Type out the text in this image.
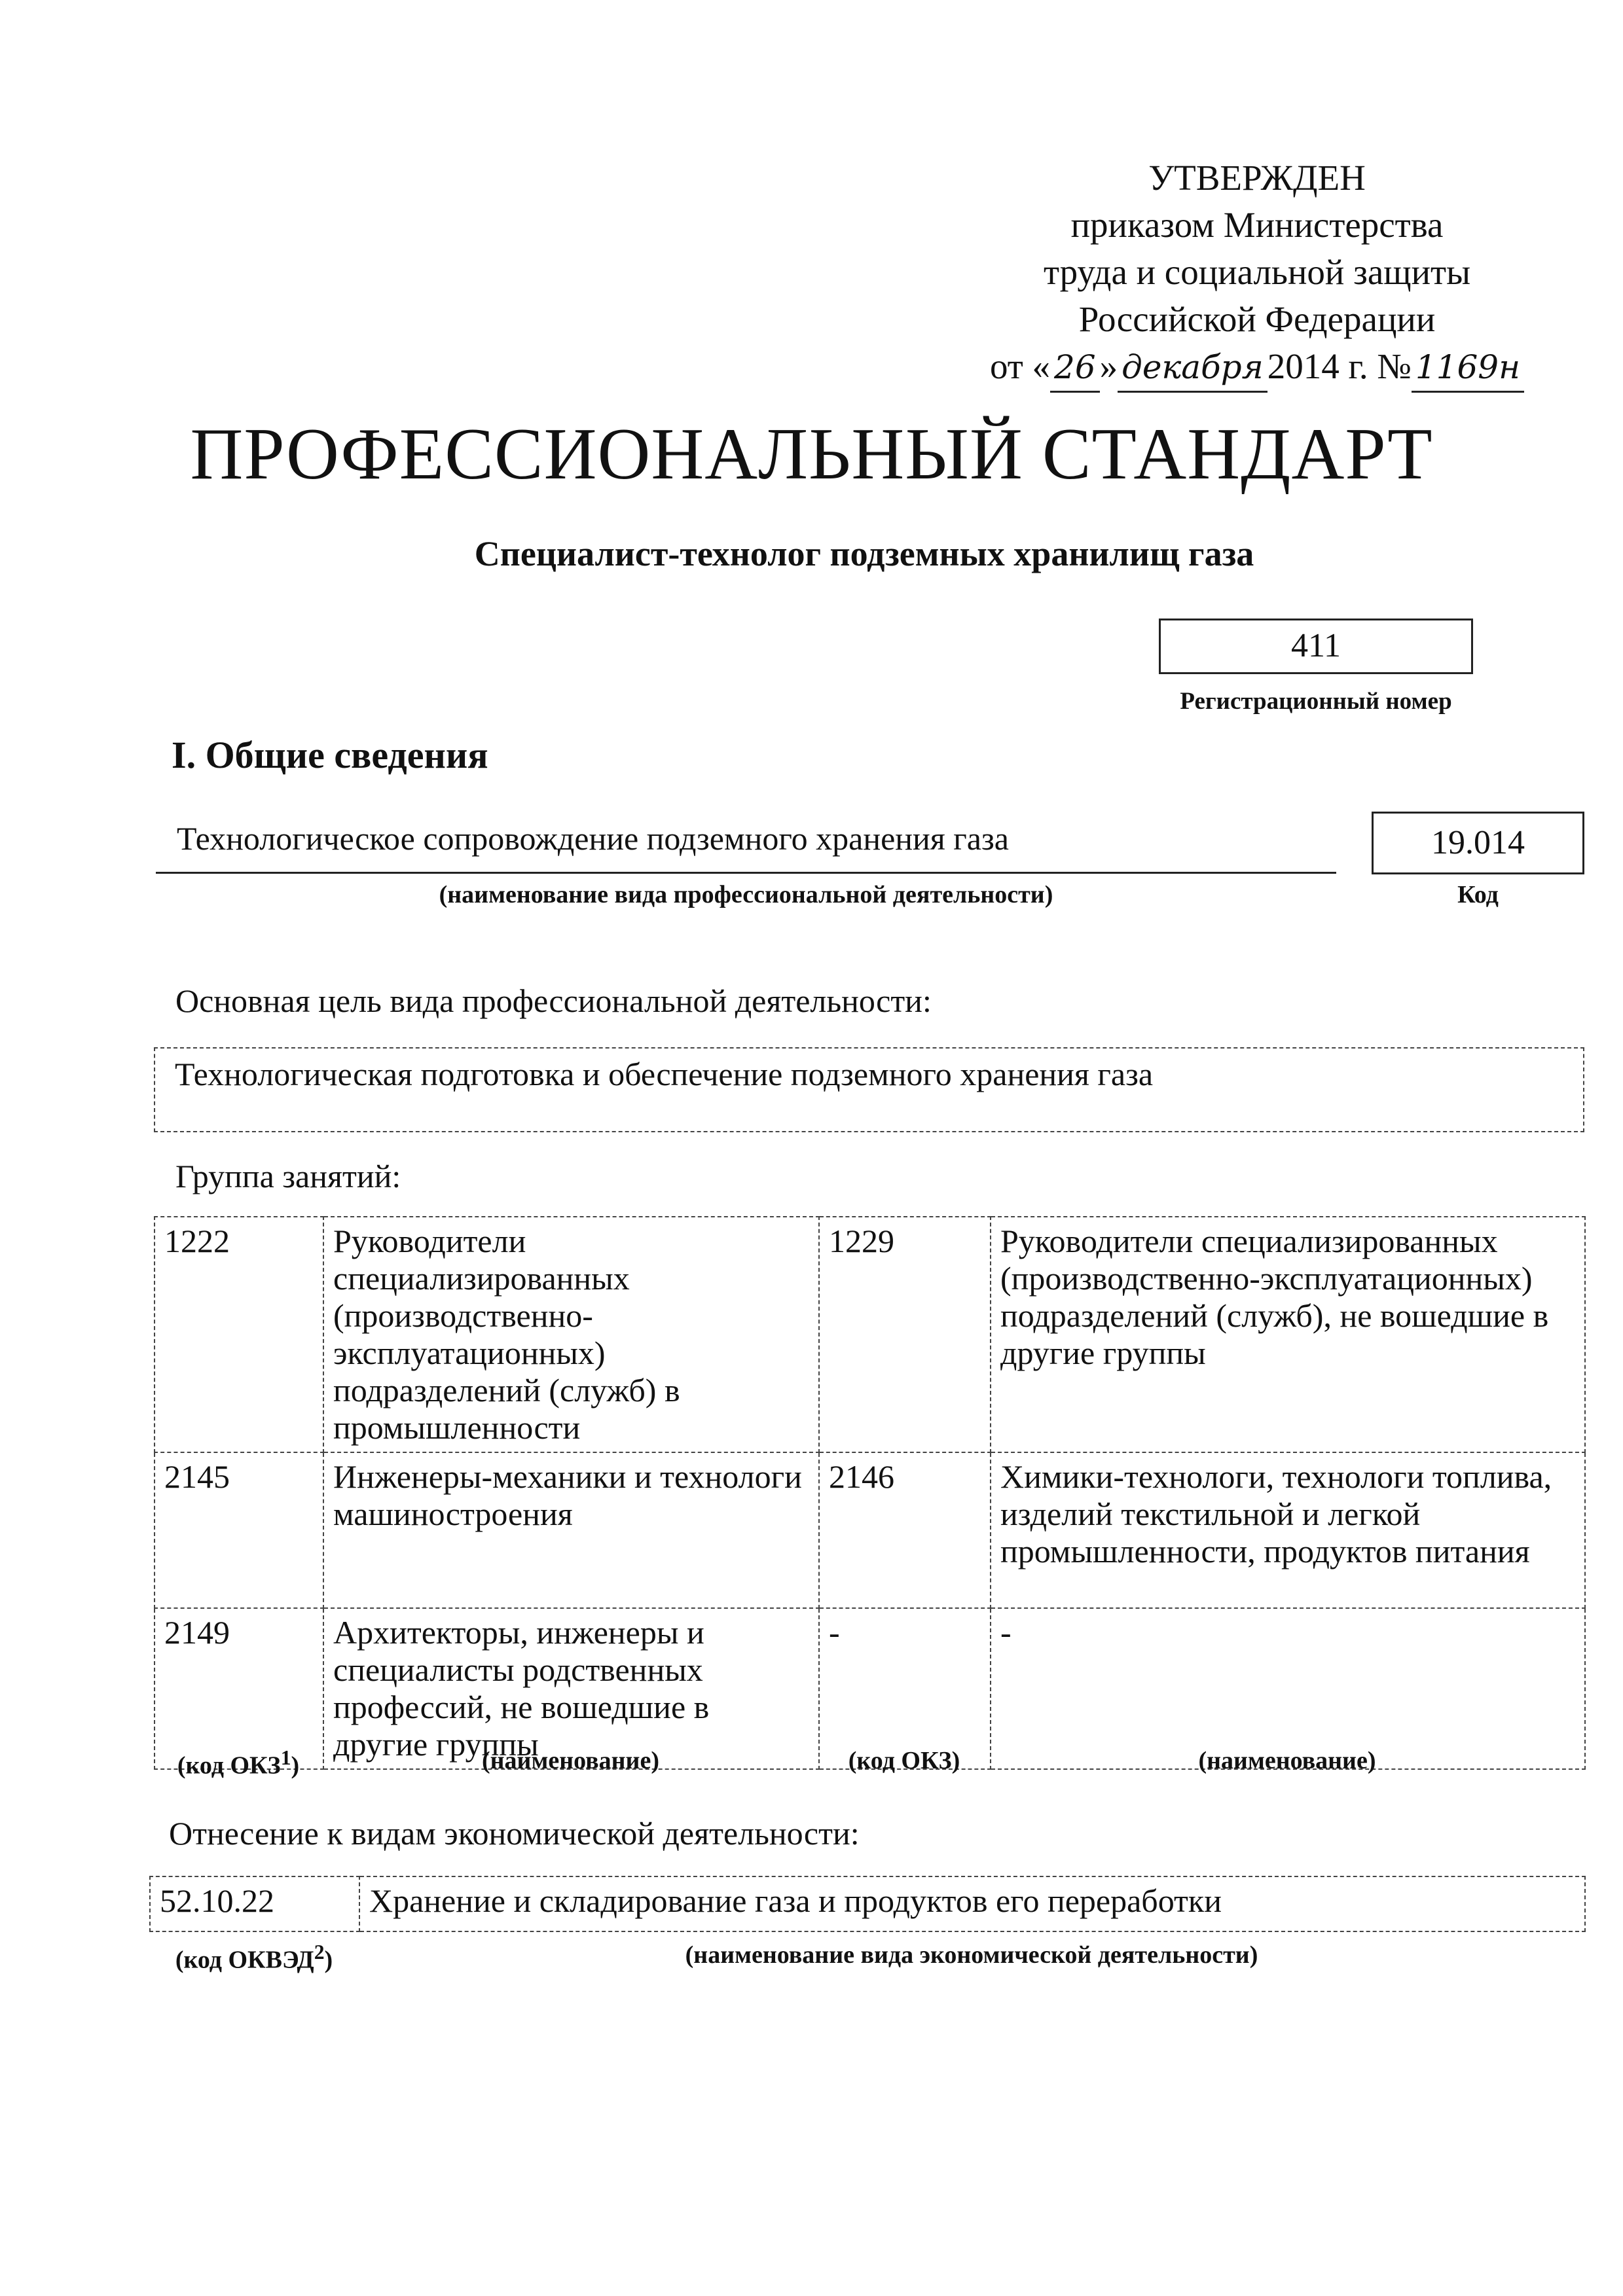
УТВЕРЖДЕН
приказом Министерства
труда и социальной защиты
Российской Федерации
от « 26 » декабря 2014 г. № 1169н
ПРОФЕССИОНАЛЬНЫЙ СТАНДАРТ
Специалист-технолог подземных хранилищ газа
411
Регистрационный номер
I. Общие сведения
Технологическое сопровождение подземного хранения газа
(наименование вида профессиональной деятельности)
19.014
Код
Основная цель вида профессиональной деятельности:
Технологическая подготовка и обеспечение подземного хранения газа
Группа занятий:
1222	Руководители специализированных (производственно-эксплуатационных) подразделений (служб) в промышленности	1229	Руководители специализированных (производственно-эксплуатационных) подразделений (служб), не вошедшие в другие группы
2145	Инженеры-механики и технологи машиностроения	2146	Химики-технологи, технологи топлива, изделий текстильной и легкой промышленности, продуктов питания
2149	Архитекторы, инженеры и специалисты родственных профессий, не вошедшие в другие группы	-	-
(код ОКЗ$^1$)	(наименование)	(код ОКЗ)	(наименование)
Отнесение к видам экономической деятельности:
52.10.22	Хранение и складирование газа и продуктов его переработки
(код ОКВЭД$^2$)	(наименование вида экономической деятельности)
